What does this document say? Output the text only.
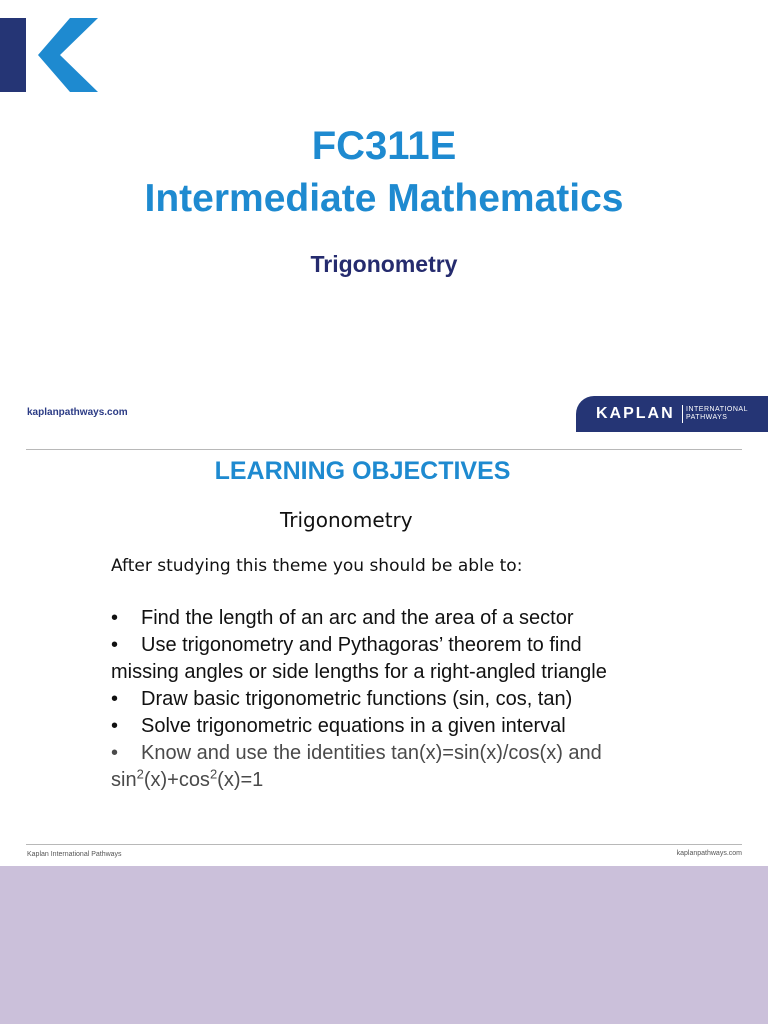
FC311E
Intermediate Mathematics
Trigonometry
kaplanpathways.com	KAPLAN INTERNATIONAL
PATHWAYS
LEARNING OBJECTIVES
Trigonometry
After studying this theme you should be able to:
• Find the length of an arc and the area of a sector
• Use trigonometry and Pythagoras’ theorem to find
missing angles or side lengths for a right-angled triangle
• Draw basic trigonometric functions (sin, cos, tan)
• Solve trigonometric equations in a given interval
• Know and use the identities tan(x)=sin(x)/cos(x) and
$\sin^2(x)+\cos^2(x)=1$
Kaplan International Pathways	kaplanpathways.com
